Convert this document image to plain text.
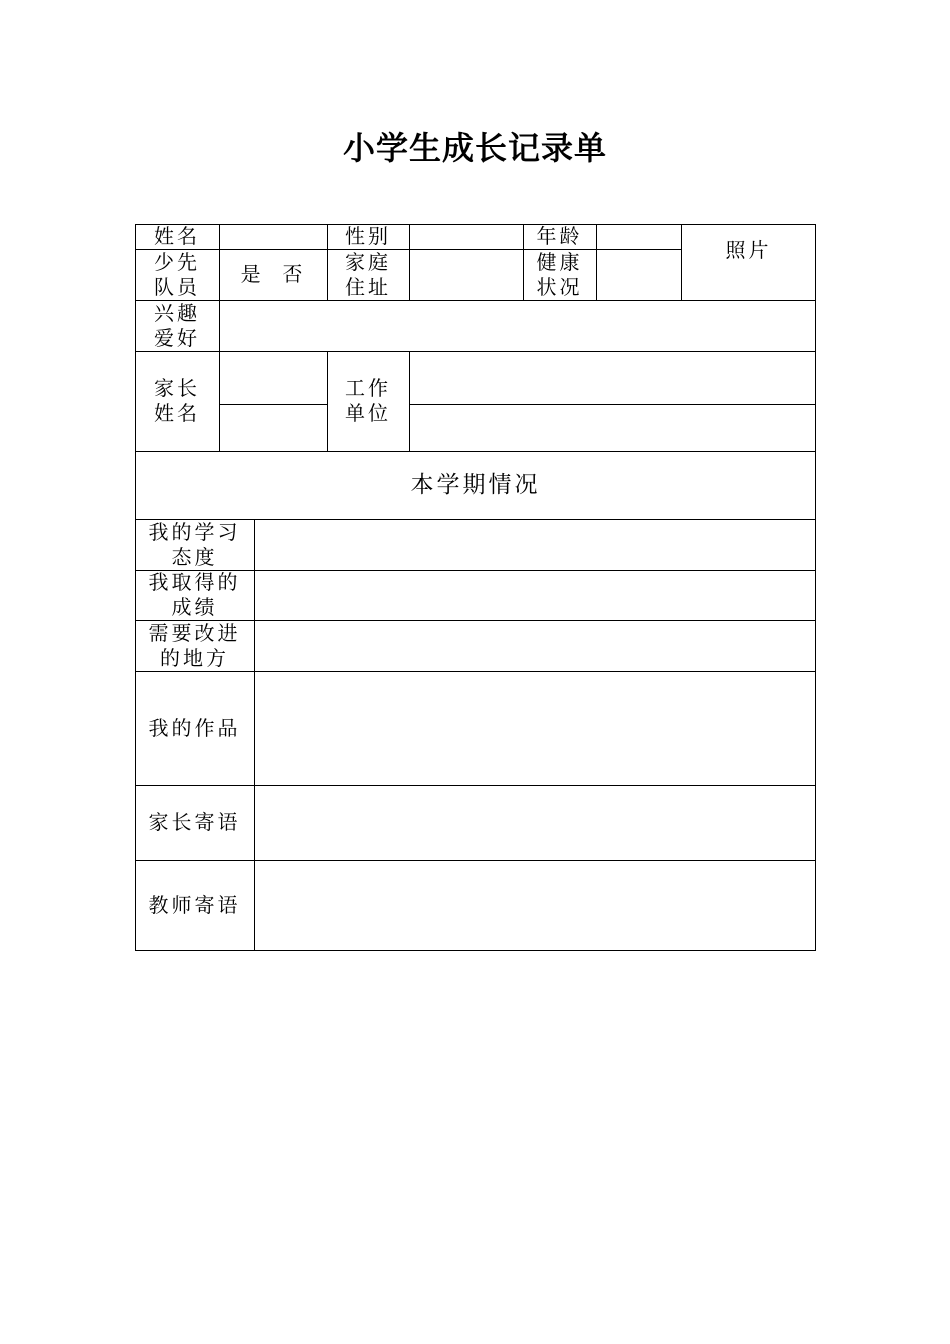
小学生成长记录单
姓名	性别	年龄
照片
少先
队员
是  否
家庭
住址
健康
状况
兴趣
爱好
家长
姓名
工作
单位
本学期情况
我的学习
态度
我取得的
成绩
需要改进
的地方
我的作品
家长寄语
教师寄语
